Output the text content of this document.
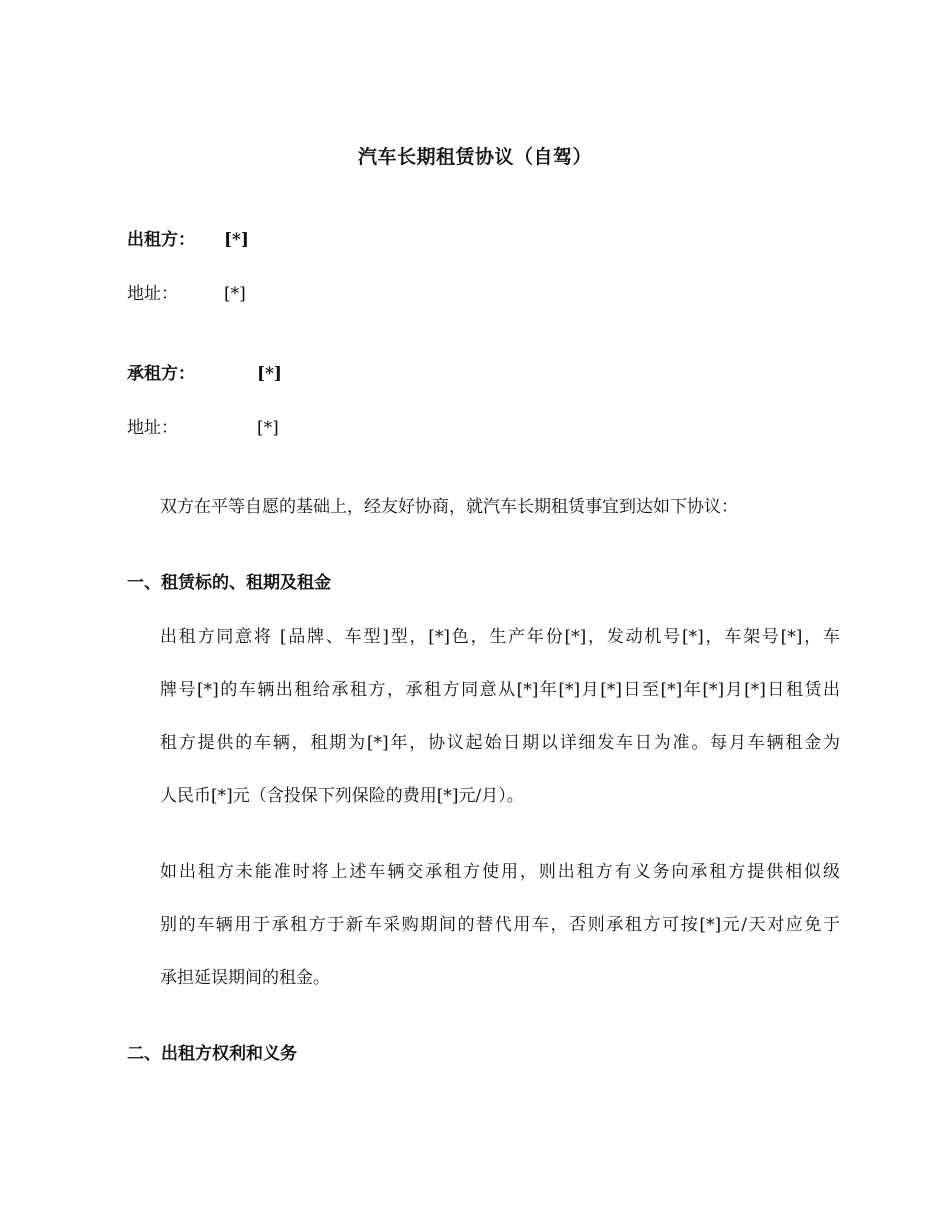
汽车长期租赁协议（自驾）
出租方： [*]
地址：	[*]
承租方：	[*]
地址：	[*]
双方在平等自愿的基础上，经友好协商，就汽车长期租赁事宜到达如下协议：
一、租赁标的、租期及租金
出租方同意将 [品牌、车型]型，[*]色，生产年份[*]，发动机号[*]，车架号[*]，车
牌号[*]的车辆出租给承租方，承租方同意从[*]年[*]月[*]日至[*]年[*]月[*]日租赁出
租方提供的车辆，租期为[*]年，协议起始日期以详细发车日为准。每月车辆租金为
人民币[*]元（含投保下列保险的费用[*]元/月）。
如出租方未能准时将上述车辆交承租方使用，则出租方有义务向承租方提供相似级
别的车辆用于承租方于新车采购期间的替代用车，否则承租方可按[*]元/天对应免于
承担延误期间的租金。
二、出租方权利和义务
